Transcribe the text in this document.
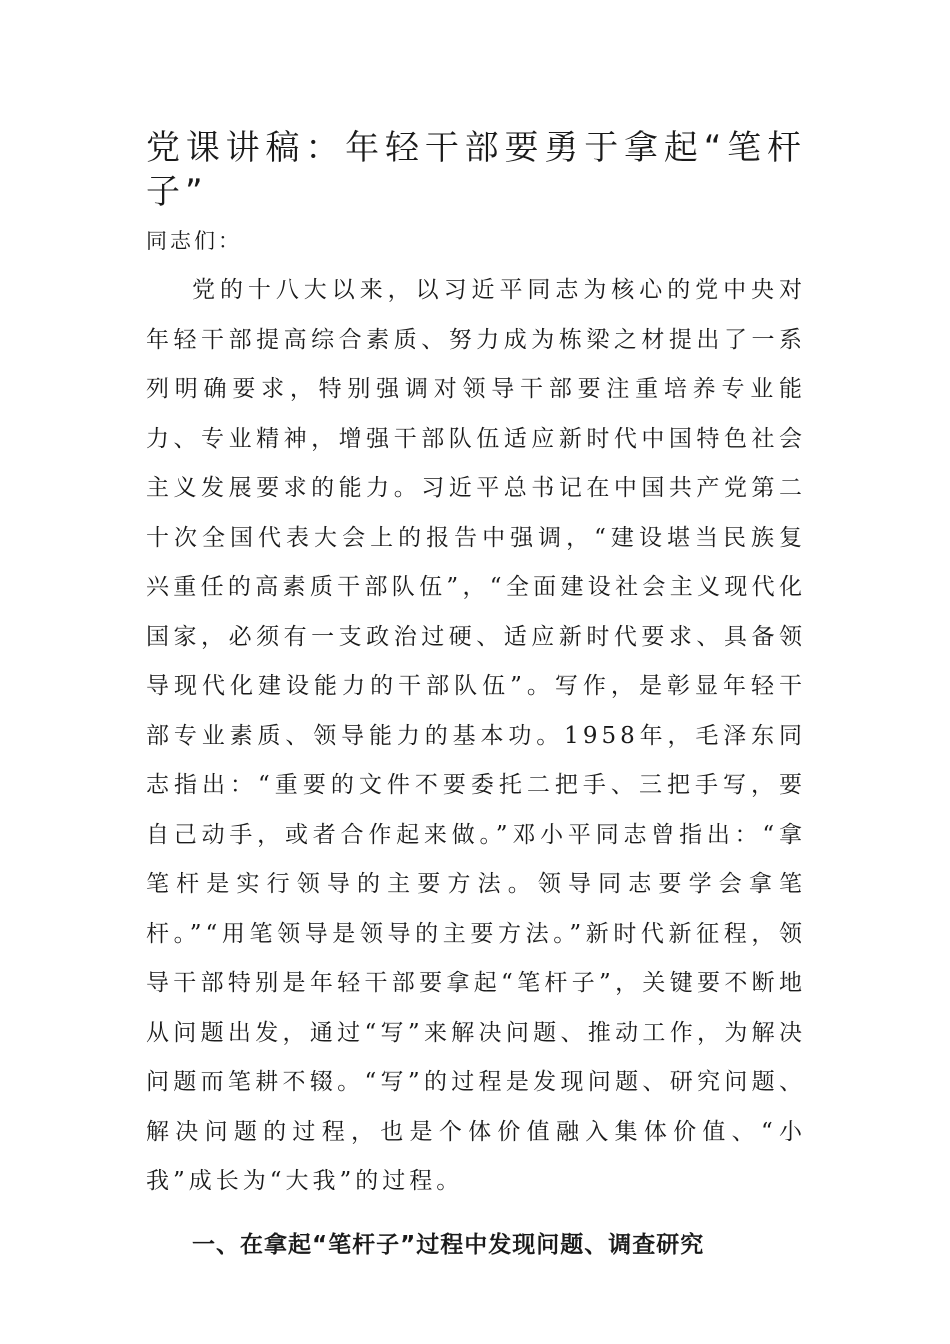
党课讲稿：年轻干部要勇于拿起“笔杆子”

同志们：

党的十八大以来，以习近平同志为核心的党中央对年轻干部提高综合素质、努力成为栋梁之材提出了一系列明确要求，特别强调对领导干部要注重培养专业能力、专业精神，增强干部队伍适应新时代中国特色社会主义发展要求的能力。习近平总书记在中国共产党第二十次全国代表大会上的报告中强调，“建设堪当民族复兴重任的高素质干部队伍”，“全面建设社会主义现代化国家，必须有一支政治过硬、适应新时代要求、具备领导现代化建设能力的干部队伍”。写作，是彰显年轻干部专业素质、领导能力的基本功。1958年，毛泽东同志指出：“重要的文件不要委托二把手、三把手写，要自己动手，或者合作起来做。”邓小平同志曾指出：“拿笔杆是实行领导的主要方法。领导同志要学会拿笔杆。”“用笔领导是领导的主要方法。”新时代新征程，领导干部特别是年轻干部要拿起“笔杆子”，关键要不断地从问题出发，通过“写”来解决问题、推动工作，为解决问题而笔耕不辍。“写”的过程是发现问题、研究问题、解决问题的过程，也是个体价值融入集体价值、“小我”成长为“大我”的过程。

一、在拿起“笔杆子”过程中发现问题、调查研究
